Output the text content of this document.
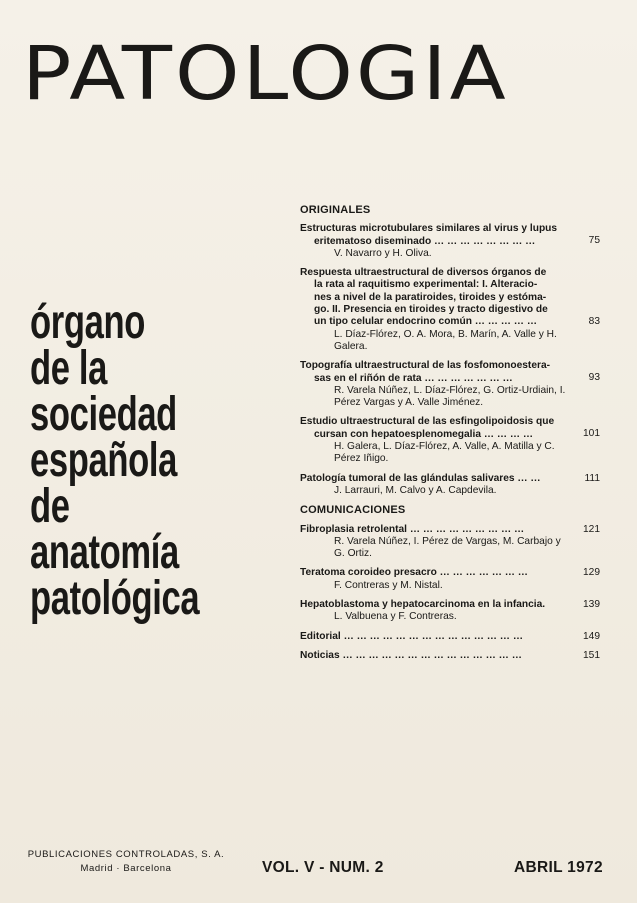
PATOLOGIA
órgano
de la
sociedad
española
de
anatomía
patológica
ORIGINALES
Estructuras microtubulares similares al virus y lupus
eritematoso diseminado … … … … … … … …	75
V. Navarro y H. Oliva.
Respuesta ultraestructural de diversos órganos de
la rata al raquitismo experimental: I. Alteracio-
nes a nivel de la paratiroides, tiroides y estóma-
go. II. Presencia en tiroides y tracto digestivo de
un tipo celular endocrino común … … … … …	83
L. Díaz-Flórez, O. A. Mora, B. Marín, A. Valle y H. Galera.
Topografía ultraestructural de las fosfomonoestera-
sas en el riñón de rata … … … … … … …	93
R. Varela Núñez, L. Díaz-Flórez, G. Ortiz-Urdiain, I. Pérez Vargas y A. Valle Jiménez.
Estudio ultraestructural de las esfingolipoidosis que
cursan con hepatoesplenomegalia … … … …	101
H. Galera, L. Díaz-Flórez, A. Valle, A. Matilla y C. Pérez Iñigo.
Patología tumoral de las glándulas salivares … …	111
J. Larrauri, M. Calvo y A. Capdevila.
COMUNICACIONES
Fibroplasia retrolental … … … … … … … … …	121
R. Varela Núñez, I. Pérez de Vargas, M. Carbajo y G. Ortiz.
Teratoma coroideo presacro … … … … … … …	129
F. Contreras y M. Nistal.
Hepatoblastoma y hepatocarcinoma en la infancia.	139
L. Valbuena y F. Contreras.
Editorial … … … … … … … … … … … … … …	149
Noticias … … … … … … … … … … … … … …	151
PUBLICACIONES CONTROLADAS, S. A.
Madrid · Barcelona	VOL. V - NUM. 2	ABRIL 1972
